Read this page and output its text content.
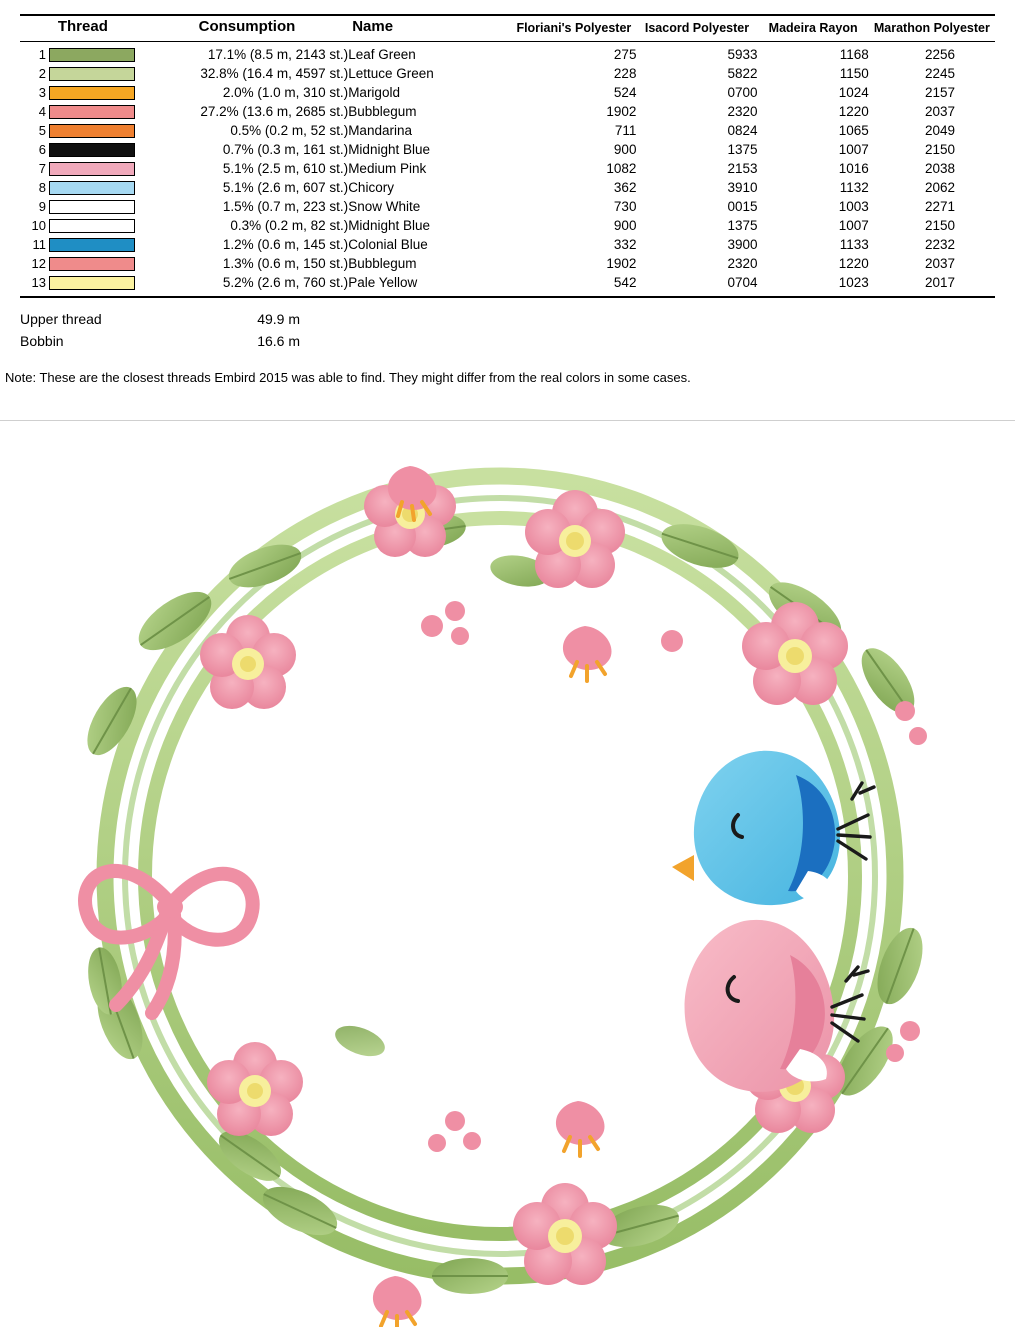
Thread	Consumption	Name	Floriani's Polyester	Isacord Polyester	Madeira Rayon	Marathon Polyester

1	17.1% (8.5 m, 2143 st.)	Leaf Green	275	5933	1168	2256

2	32.8% (16.4 m, 4597 st.)	Lettuce Green	228	5822	1150	2245

3	2.0% (1.0 m, 310 st.)	Marigold	524	0700	1024	2157

4	27.2% (13.6 m, 2685 st.)	Bubblegum	1902	2320	1220	2037

5	0.5% (0.2 m, 52 st.)	Mandarina	711	0824	1065	2049

6	0.7% (0.3 m, 161 st.)	Midnight Blue	900	1375	1007	2150

7	5.1% (2.5 m, 610 st.)	Medium Pink	1082	2153	1016	2038

8	5.1% (2.6 m, 607 st.)	Chicory	362	3910	1132	2062

9	1.5% (0.7 m, 223 st.)	Snow White	730	0015	1003	2271

10	0.3% (0.2 m, 82 st.)	Midnight Blue	900	1375	1007	2150

11	1.2% (0.6 m, 145 st.)	Colonial Blue	332	3900	1133	2232

12	1.3% (0.6 m, 150 st.)	Bubblegum	1902	2320	1220	2037

13	5.2% (2.6 m, 760 st.)	Pale Yellow	542	0704	1023	2017
Upper thread	49.9 m
Bobbin	16.6 m
Note: These are the closest threads Embird 2015 was able to find. They might differ from the real colors in some cases.
